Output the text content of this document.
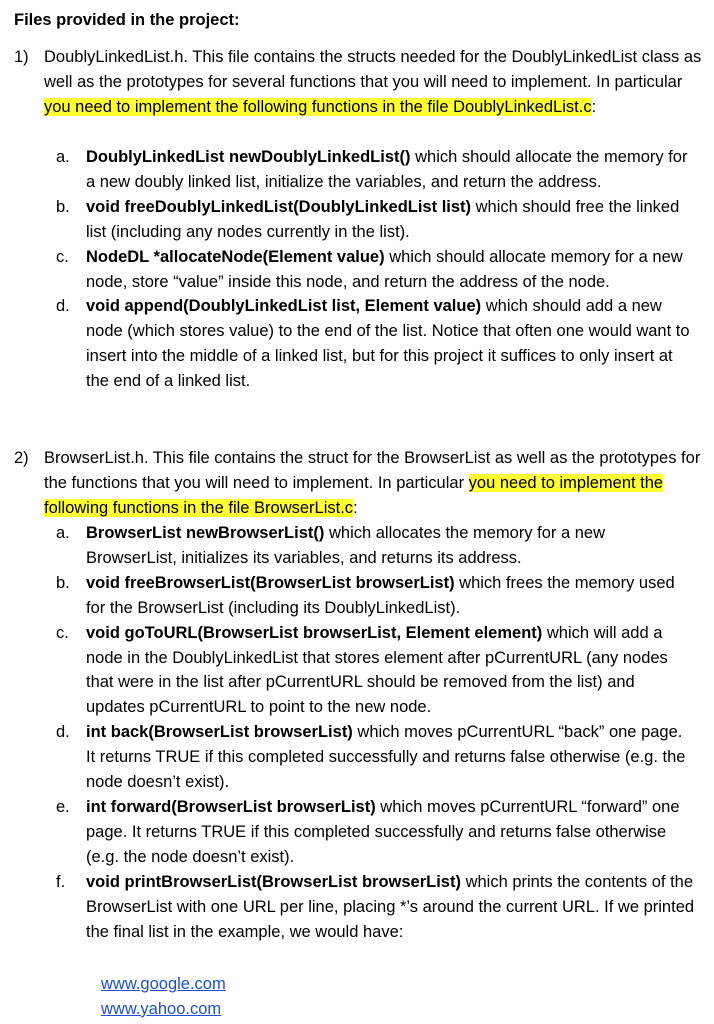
Files provided in the project:
1) DoublyLinkedList.h. This file contains the structs needed for the DoublyLinkedList class as well as the prototypes for several functions that you will need to implement. In particular you need to implement the following functions in the file DoublyLinkedList.c:
a. DoublyLinkedList newDoublyLinkedList() which should allocate the memory for a new doubly linked list, initialize the variables, and return the address.
b. void freeDoublyLinkedList(DoublyLinkedList list) which should free the linked list (including any nodes currently in the list).
c. NodeDL *allocateNode(Element value) which should allocate memory for a new node, store “value” inside this node, and return the address of the node.
d. void append(DoublyLinkedList list, Element value) which should add a new node (which stores value) to the end of the list. Notice that often one would want to insert into the middle of a linked list, but for this project it suffices to only insert at the end of a linked list.
2) BrowserList.h. This file contains the struct for the BrowserList as well as the prototypes for the functions that you will need to implement. In particular you need to implement the following functions in the file BrowserList.c:
a. BrowserList newBrowserList() which allocates the memory for a new BrowserList, initializes its variables, and returns its address.
b. void freeBrowserList(BrowserList browserList) which frees the memory used for the BrowserList (including its DoublyLinkedList).
c. void goToURL(BrowserList browserList, Element element) which will add a node in the DoublyLinkedList that stores element after pCurrentURL (any nodes that were in the list after pCurrentURL should be removed from the list) and updates pCurrentURL to point to the new node.
d. int back(BrowserList browserList) which moves pCurrentURL “back” one page. It returns TRUE if this completed successfully and returns false otherwise (e.g. the node doesn’t exist).
e. int forward(BrowserList browserList) which moves pCurrentURL “forward” one page. It returns TRUE if this completed successfully and returns false otherwise (e.g. the node doesn’t exist).
f. void printBrowserList(BrowserList browserList) which prints the contents of the BrowserList with one URL per line, placing *’s around the current URL. If we printed the final list in the example, we would have:
www.google.com
www.yahoo.com
